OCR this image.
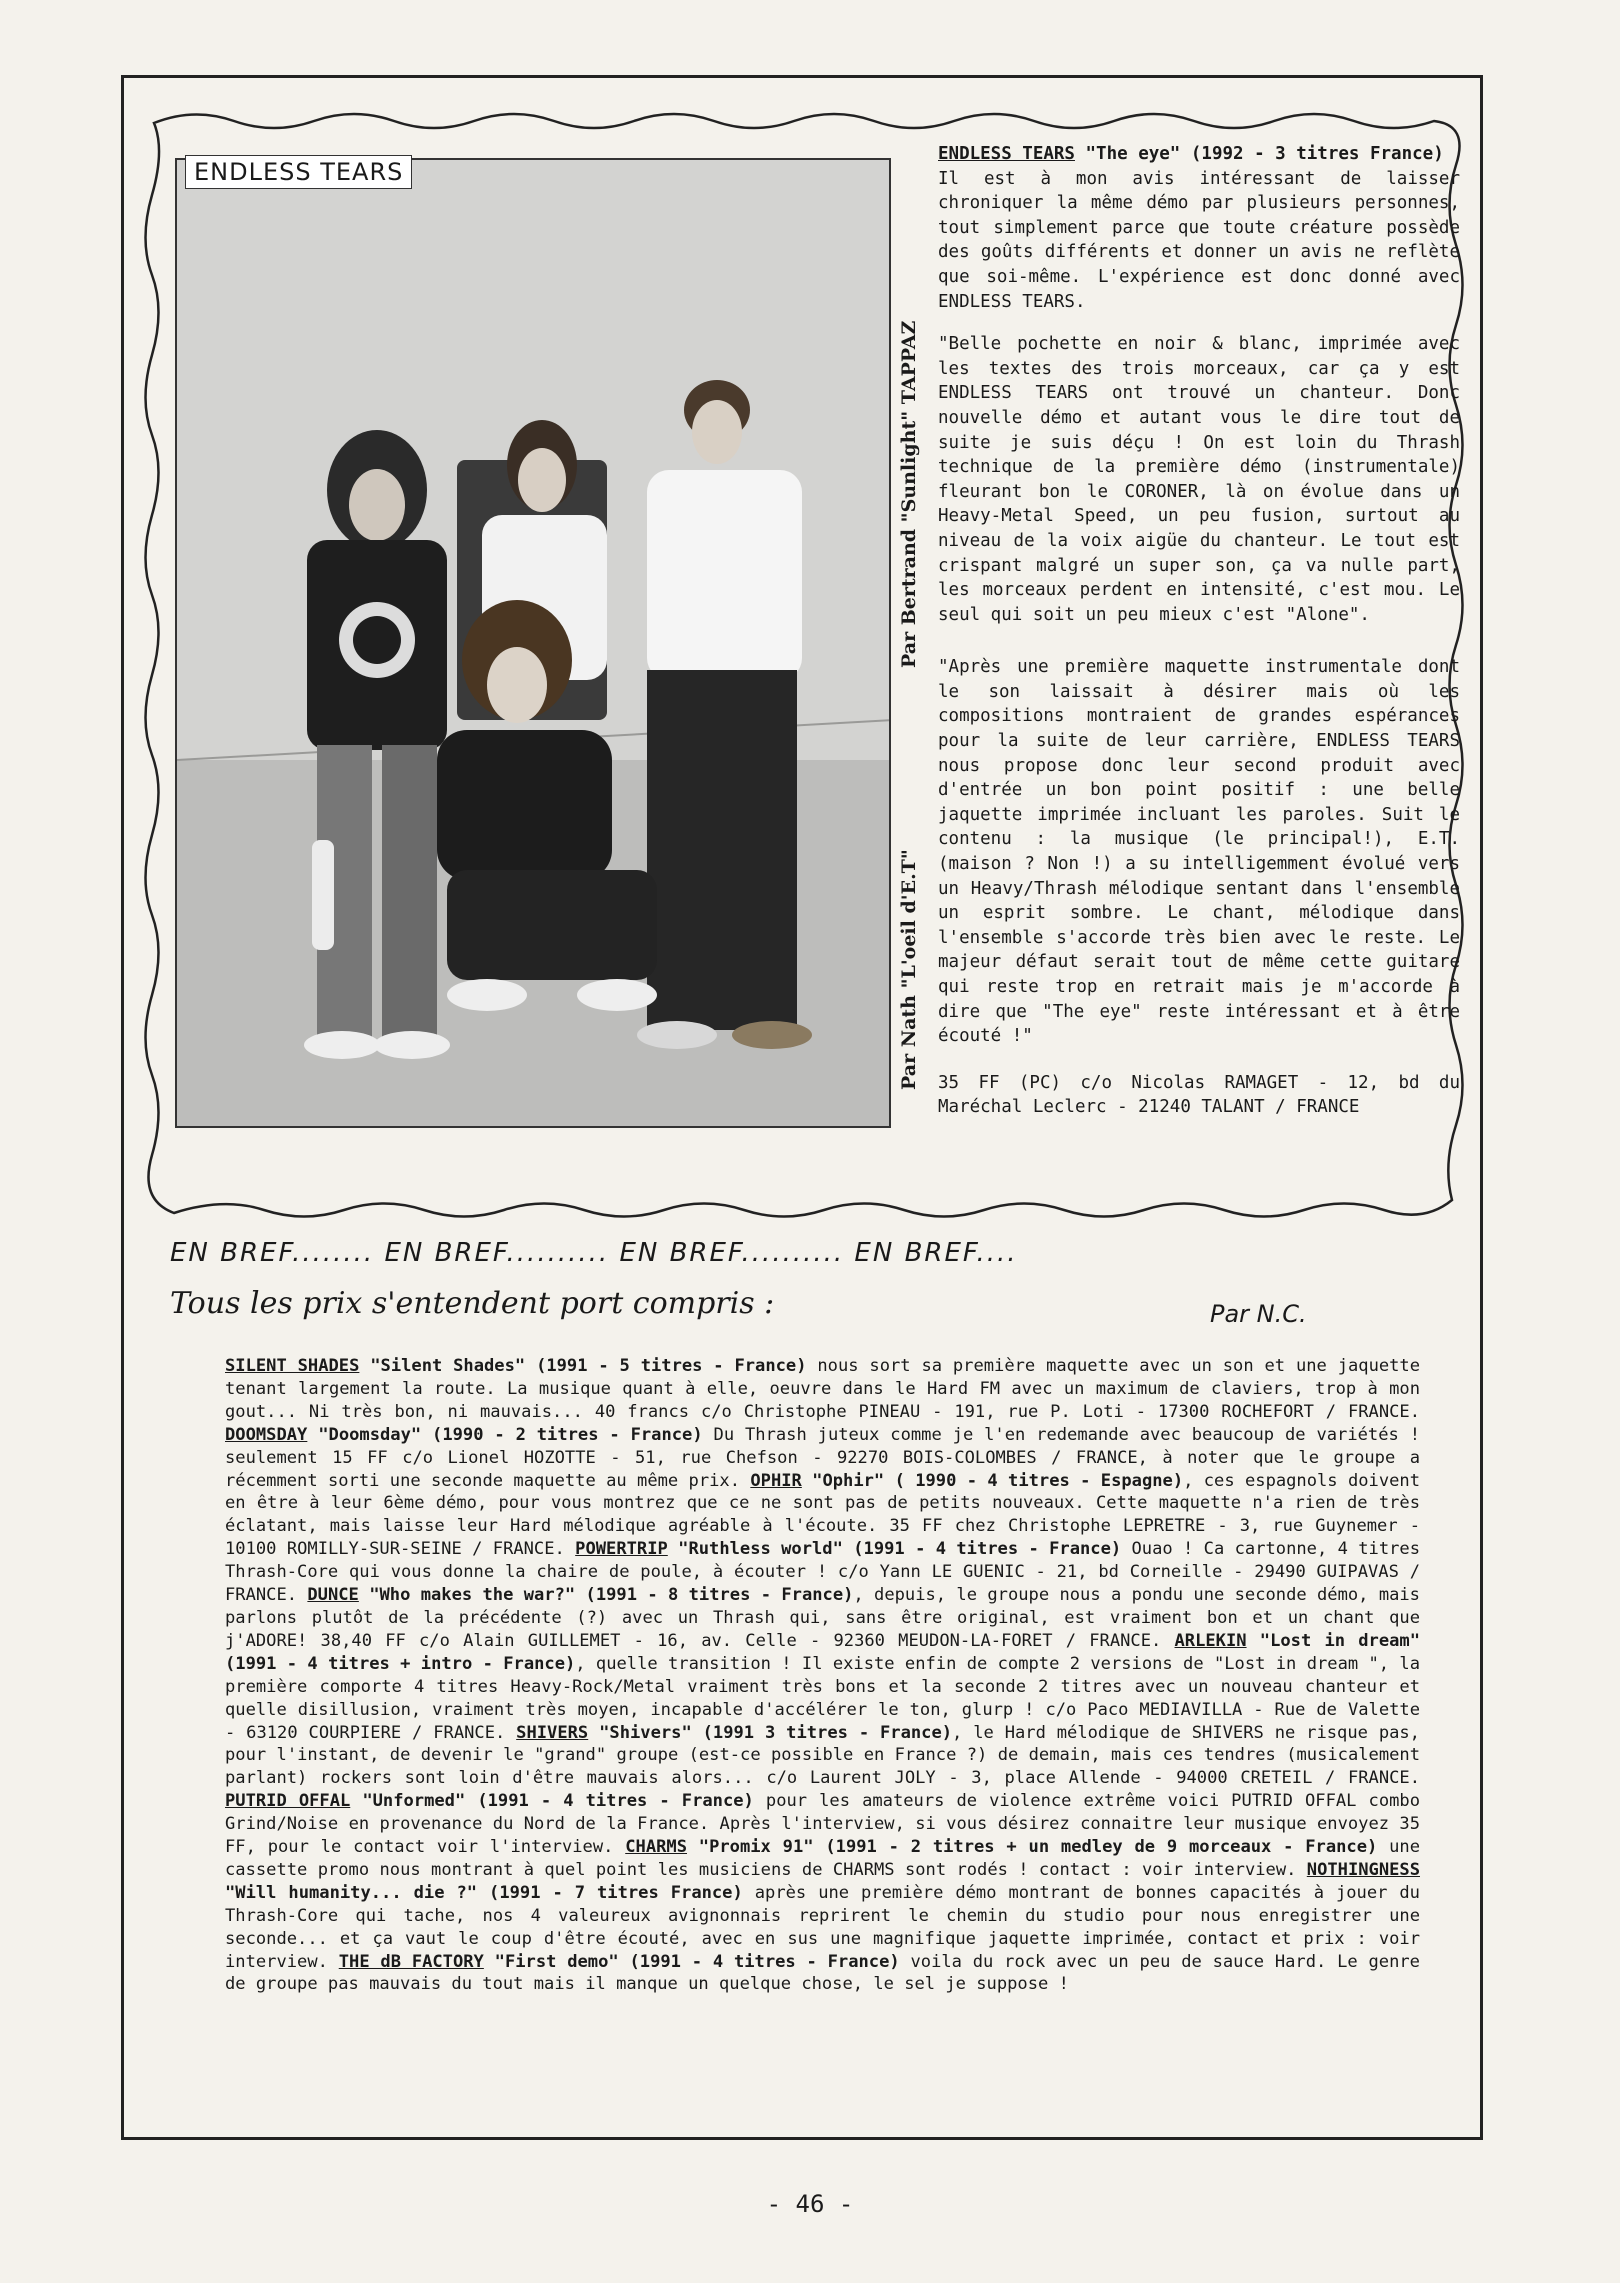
ENDLESS TEARS
Par Bertrand "Sunlight" TAPPAZ
Par Nath "L'oeil d'E.T"

ENDLESS TEARS "The eye" (1992 - 3 titres France)

Il est à mon avis intéressant de laisser chroniquer la même démo par plusieurs personnes, tout simplement parce que toute créature possède des goûts différents et donner un avis ne reflète que soi-même. L'expérience est donc donné avec ENDLESS TEARS.

"Belle pochette en noir & blanc, imprimée avec les textes des trois morceaux, car ça y est ENDLESS TEARS ont trouvé un chanteur. Donc nouvelle démo et autant vous le dire tout de suite je suis déçu ! On est loin du Thrash technique de la première démo (instrumentale) fleurant bon le CORONER, là on évolue dans un Heavy-Metal Speed, un peu fusion, surtout au niveau de la voix aigüe du chanteur. Le tout est crispant malgré un super son, ça va nulle part, les morceaux perdent en intensité, c'est mou. Le seul qui soit un peu mieux c'est "Alone".

"Après une première maquette instrumentale dont le son laissait à désirer mais où les compositions montraient de grandes espérances pour la suite de leur carrière, ENDLESS TEARS nous propose donc leur second produit avec d'entrée un bon point positif : une belle jaquette imprimée incluant les paroles. Suit le contenu : la musique (le principal!), E.T. (maison ? Non !) a su intelligemment évolué vers un Heavy/Thrash mélodique sentant dans l'ensemble un esprit sombre. Le chant, mélodique dans l'ensemble s'accorde très bien avec le reste. Le majeur défaut serait tout de même cette guitare qui reste trop en retrait mais je m'accorde à dire que "The eye" reste intéressant et à être écouté !"

35 FF (PC) c/o Nicolas RAMAGET - 12, bd du Maréchal Leclerc - 21240 TALANT / FRANCE

EN BREF........ EN BREF.......... EN BREF.......... EN BREF....
Tous les prix s'entendent port compris :	Par N.C.
SILENT SHADES "Silent Shades" (1991 - 5 titres - France) nous sort sa première maquette avec un son et une jaquette tenant largement la route. La musique quant à elle, oeuvre dans le Hard FM avec un maximum de claviers, trop à mon gout... Ni très bon, ni mauvais... 40 francs c/o Christophe PINEAU - 191, rue P. Loti - 17300 ROCHEFORT / FRANCE. DOOMSDAY "Doomsday" (1990 - 2 titres - France) Du Thrash juteux comme je l'en redemande avec beaucoup de variétés ! seulement 15 FF c/o Lionel HOZOTTE - 51, rue Chefson - 92270 BOIS-COLOMBES / FRANCE, à noter que le groupe a récemment sorti une seconde maquette au même prix. OPHIR "Ophir" ( 1990 - 4 titres - Espagne), ces espagnols doivent en être à leur 6ème démo, pour vous montrez que ce ne sont pas de petits nouveaux. Cette maquette n'a rien de très éclatant, mais laisse leur Hard mélodique agréable à l'écoute. 35 FF chez Christophe LEPRETRE - 3, rue Guynemer - 10100 ROMILLY-SUR-SEINE / FRANCE. POWERTRIP "Ruthless world" (1991 - 4 titres - France) Ouao ! Ca cartonne, 4 titres Thrash-Core qui vous donne la chaire de poule, à écouter ! c/o Yann LE GUENIC - 21, bd Corneille - 29490 GUIPAVAS / FRANCE. DUNCE "Who makes the war?" (1991 - 8 titres - France), depuis, le groupe nous a pondu une seconde démo, mais parlons plutôt de la précédente (?) avec un Thrash qui, sans être original, est vraiment bon et un chant que j'ADORE! 38,40 FF c/o Alain GUILLEMET - 16, av. Celle - 92360 MEUDON-LA-FORET / FRANCE. ARLEKIN "Lost in dream" (1991 - 4 titres + intro - France), quelle transition ! Il existe enfin de compte 2 versions de "Lost in dream ", la première comporte 4 titres Heavy-Rock/Metal vraiment très bons et la seconde 2 titres avec un nouveau chanteur et quelle disillusion, vraiment très moyen, incapable d'accélérer le ton, glurp ! c/o Paco MEDIAVILLA - Rue de Valette - 63120 COURPIERE / FRANCE. SHIVERS "Shivers" (1991 3 titres - France), le Hard mélodique de SHIVERS ne risque pas, pour l'instant, de devenir le "grand" groupe (est-ce possible en France ?) de demain, mais ces tendres (musicalement parlant) rockers sont loin d'être mauvais alors... c/o Laurent JOLY - 3, place Allende - 94000 CRETEIL / FRANCE. PUTRID OFFAL "Unformed" (1991 - 4 titres - France) pour les amateurs de violence extrême voici PUTRID OFFAL combo Grind/Noise en provenance du Nord de la France. Après l'interview, si vous désirez connaitre leur musique envoyez 35 FF, pour le contact voir l'interview. CHARMS "Promix 91" (1991 - 2 titres + un medley de 9 morceaux - France) une cassette promo nous montrant à quel point les musiciens de CHARMS sont rodés ! contact : voir interview. NOTHINGNESS "Will humanity... die ?" (1991 - 7 titres France) après une première démo montrant de bonnes capacités à jouer du Thrash-Core qui tache, nos 4 valeureux avignonnais reprirent le chemin du studio pour nous enregistrer une seconde... et ça vaut le coup d'être écouté, avec en sus une magnifique jaquette imprimée, contact et prix : voir interview. THE dB FACTORY "First demo" (1991 - 4 titres - France) voila du rock avec un peu de sauce Hard. Le genre de groupe pas mauvais du tout mais il manque un quelque chose, le sel je suppose !
- 46 -
